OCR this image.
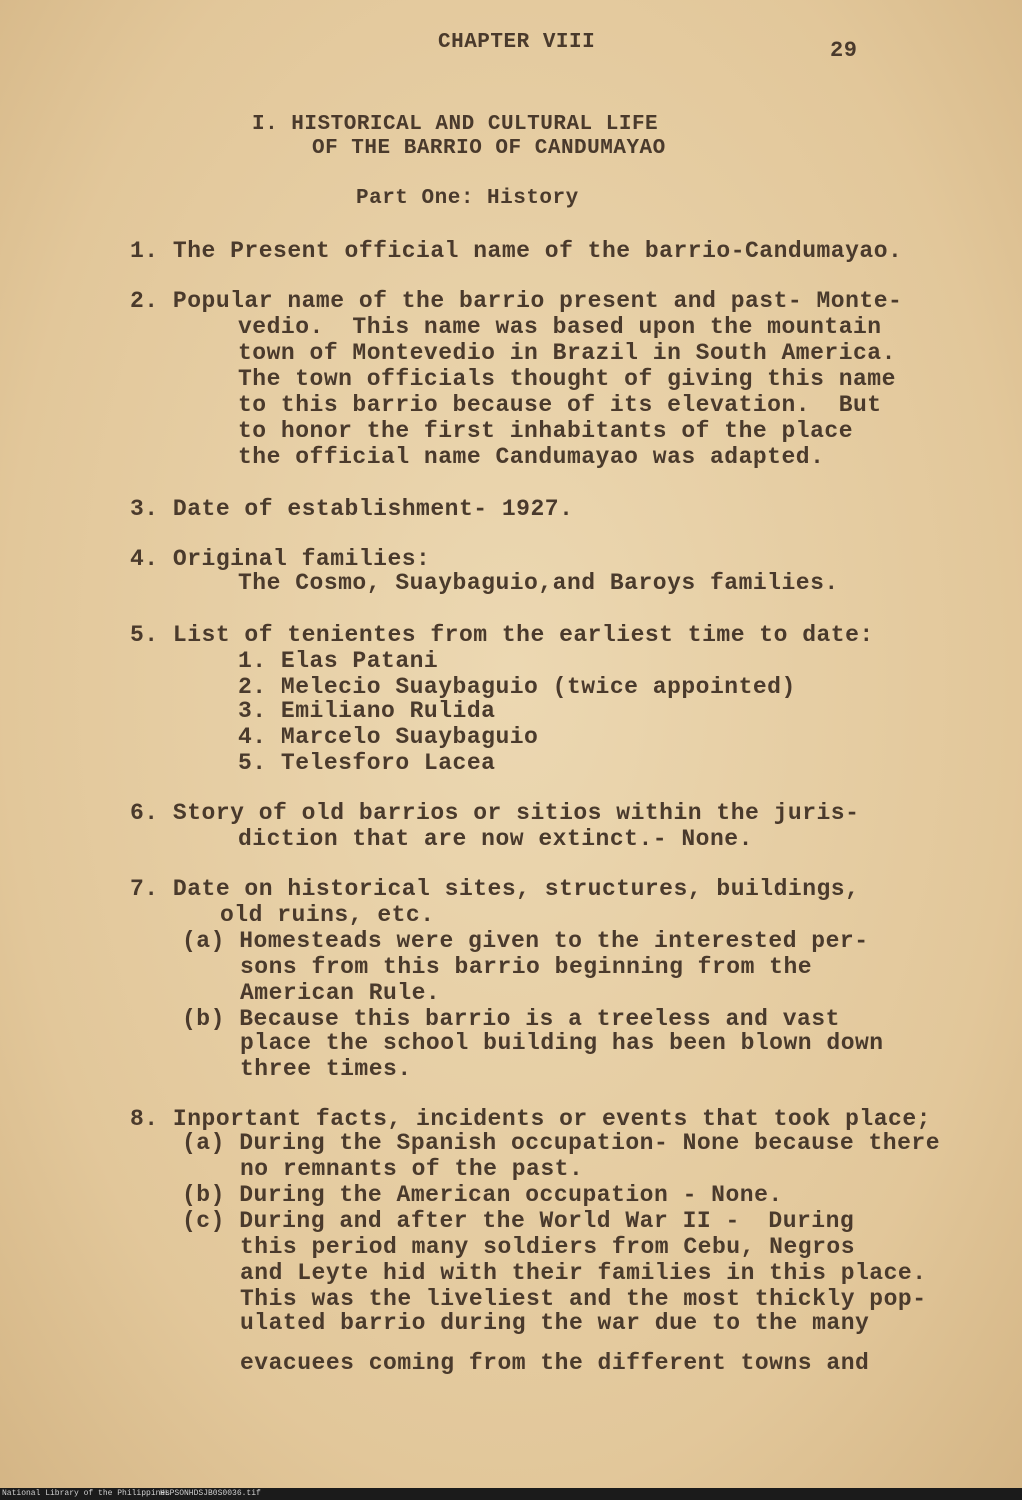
CHAPTER VIII	29
I. HISTORICAL AND CULTURAL LIFE
OF THE BARRIO OF CANDUMAYAO
Part One: History
1. The Present official name of the barrio-Candumayao.
2. Popular name of the barrio present and past- Monte-
vedio.  This name was based upon the mountain
town of Montevedio in Brazil in South America.
The town officials thought of giving this name
to this barrio because of its elevation.  But
to honor the first inhabitants of the place
the official name Candumayao was adapted.
3. Date of establishment- 1927.
4. Original families:
The Cosmo, Suaybaguio,and Baroys families.
5. List of tenientes from the earliest time to date:
1. Elas Patani
2. Melecio Suaybaguio (twice appointed)
3. Emiliano Rulida
4. Marcelo Suaybaguio
5. Telesforo Lacea
6. Story of old barrios or sitios within the juris-
diction that are now extinct.- None.
7. Date on historical sites, structures, buildings,
old ruins, etc.
(a) Homesteads were given to the interested per-
sons from this barrio beginning from the
American Rule.
(b) Because this barrio is a treeless and vast
place the school building has been blown down
three times.
8. Inportant facts, incidents or events that took place;
(a) During the Spanish occupation- None because there
no remnants of the past.
(b) During the American occupation - None.
(c) During and after the World War II -  During
this period many soldiers from Cebu, Negros
and Leyte hid with their families in this place.
This was the liveliest and the most thickly pop-
ulated barrio during the war due to the many
evacuees coming from the different towns and
National Library of the Philippines
HLPSONHDSJB0S0036.tif
